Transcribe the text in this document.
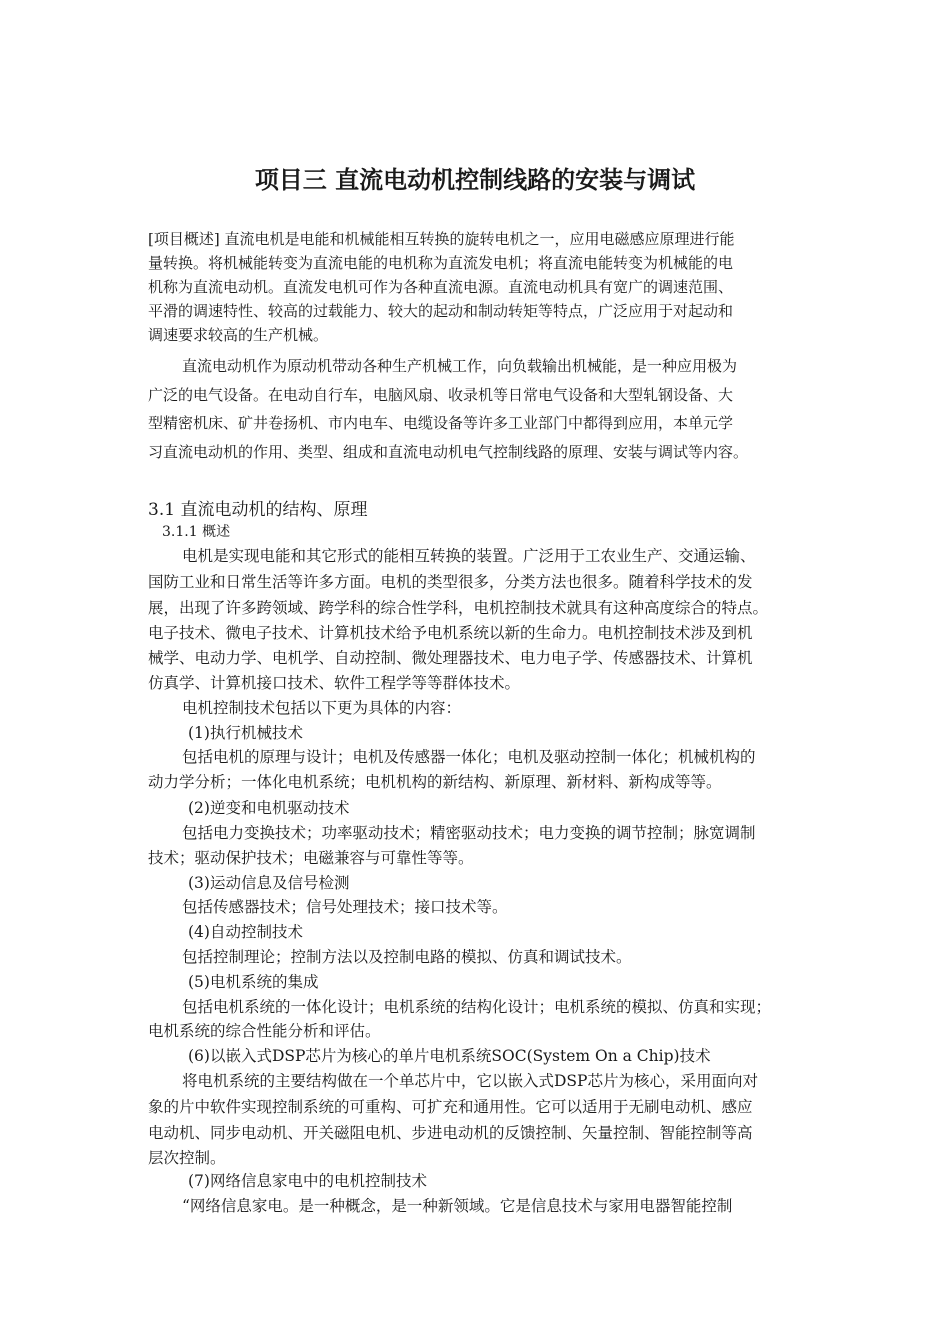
项目三 直流电动机控制线路的安装与调试
[项目概述] 直流电机是电能和机械能相互转换的旋转电机之一，应用电磁感应原理进行能
量转换。将机械能转变为直流电能的电机称为直流发电机；将直流电能转变为机械能的电
机称为直流电动机。直流发电机可作为各种直流电源。直流电动机具有宽广的调速范围、
平滑的调速特性、较高的过载能力、较大的起动和制动转矩等特点，广泛应用于对起动和
调速要求较高的生产机械。
直流电动机作为原动机带动各种生产机械工作，向负载输出机械能，是一种应用极为
广泛的电气设备。在电动自行车，电脑风扇、收录机等日常电气设备和大型轧钢设备、大
型精密机床、矿井卷扬机、市内电车、电缆设备等许多工业部门中都得到应用，本单元学
习直流电动机的作用、类型、组成和直流电动机电气控制线路的原理、安装与调试等内容。
3.1 直流电动机的结构、原理
3.1.1 概述
电机是实现电能和其它形式的能相互转换的装置。广泛用于工农业生产、交通运输、
国防工业和日常生活等许多方面。电机的类型很多，分类方法也很多。随着科学技术的发
展，出现了许多跨领域、跨学科的综合性学科，电机控制技术就具有这种高度综合的特点。
电子技术、微电子技术、计算机技术给予电机系统以新的生命力。电机控制技术涉及到机
械学、电动力学、电机学、自动控制、微处理器技术、电力电子学、传感器技术、计算机
仿真学、计算机接口技术、软件工程学等等群体技术。
电机控制技术包括以下更为具体的内容：
(1)执行机械技术
包括电机的原理与设计；电机及传感器一体化；电机及驱动控制一体化；机械机构的
动力学分析；一体化电机系统；电机机构的新结构、新原理、新材料、新构成等等。
(2)逆变和电机驱动技术
包括电力变换技术；功率驱动技术；精密驱动技术；电力变换的调节控制；脉宽调制
技术；驱动保护技术；电磁兼容与可靠性等等。
(3)运动信息及信号检测
包括传感器技术；信号处理技术；接口技术等。
(4)自动控制技术
包括控制理论；控制方法以及控制电路的模拟、仿真和调试技术。
(5)电机系统的集成
包括电机系统的一体化设计；电机系统的结构化设计；电机系统的模拟、仿真和实现；
电机系统的综合性能分析和评估。
(6)以嵌入式DSP芯片为核心的单片电机系统SOC(System On a Chip)技术
将电机系统的主要结构做在一个单芯片中，它以嵌入式DSP芯片为核心，采用面向对
象的片中软件实现控制系统的可重构、可扩充和通用性。它可以适用于无刷电动机、感应
电动机、同步电动机、开关磁阻电机、步进电动机的反馈控制、矢量控制、智能控制等高
层次控制。
(7)网络信息家电中的电机控制技术
“网络信息家电。是一种概念，是一种新领域。它是信息技术与家用电器智能控制
